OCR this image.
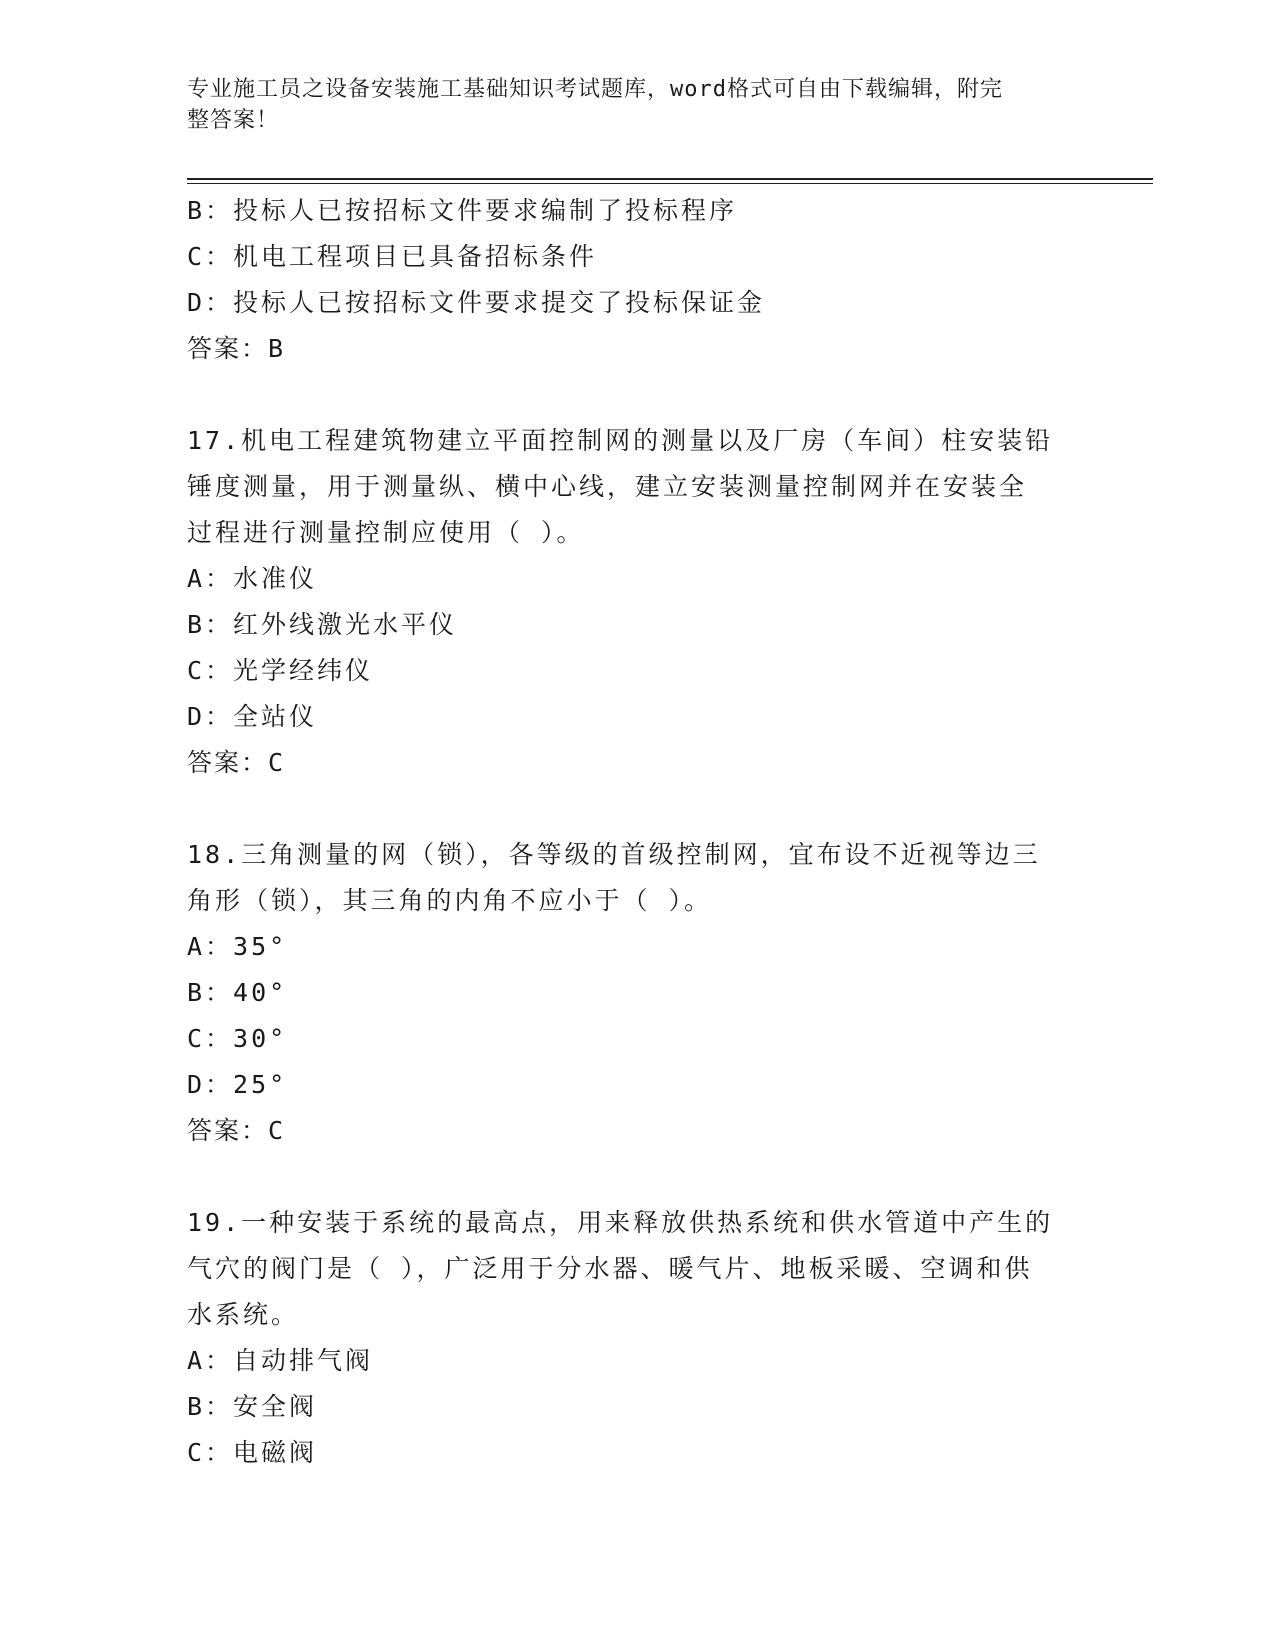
专业施工员之设备安装施工基础知识考试题库，word格式可自由下载编辑，附完
整答案！
B：投标人已按招标文件要求编制了投标程序
C：机电工程项目已具备招标条件
D：投标人已按招标文件要求提交了投标保证金
答案：B
17.机电工程建筑物建立平面控制网的测量以及厂房（车间）柱安装铅
锤度测量，用于测量纵、横中心线，建立安装测量控制网并在安装全
过程进行测量控制应使用（ ）。
A：水准仪
B：红外线激光水平仪
C：光学经纬仪
D：全站仪
答案：C
18.三角测量的网（锁），各等级的首级控制网，宜布设不近视等边三
角形（锁），其三角的内角不应小于（ ）。
A：35°
B：40°
C：30°
D：25°
答案：C
19.一种安装于系统的最高点，用来释放供热系统和供水管道中产生的
气穴的阀门是（ ），广泛用于分水器、暖气片、地板采暖、空调和供
水系统。
A：自动排气阀
B：安全阀
C：电磁阀
